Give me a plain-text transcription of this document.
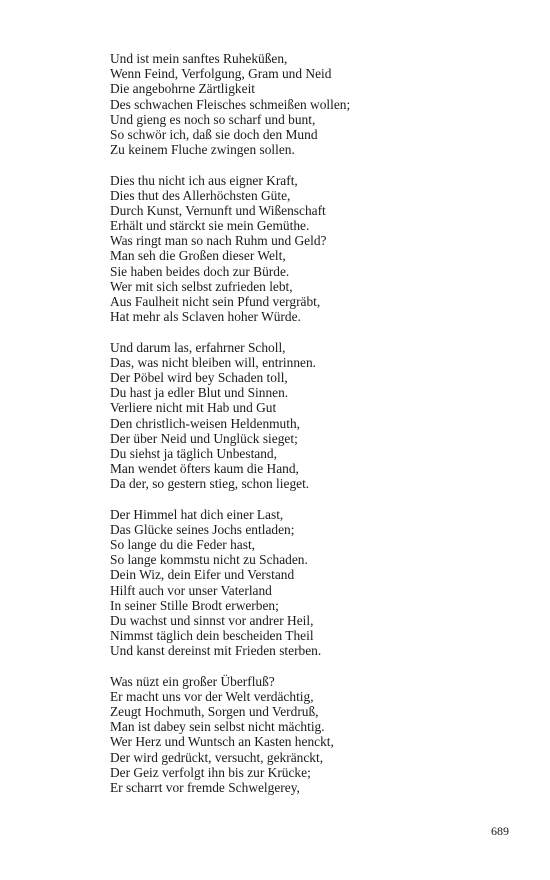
Und ist mein sanftes Ruheküßen,
Wenn Feind, Verfolgung, Gram und Neid
Die angebohrne Zärtligkeit
Des schwachen Fleisches schmeißen wollen;
Und gieng es noch so scharf und bunt,
So schwör ich, daß sie doch den Mund
Zu keinem Fluche zwingen sollen.
Dies thu nicht ich aus eigner Kraft,
Dies thut des Allerhöchsten Güte,
Durch Kunst, Vernunft und Wißenschaft
Erhält und stärckt sie mein Gemüthe.
Was ringt man so nach Ruhm und Geld?
Man seh die Großen dieser Welt,
Sie haben beides doch zur Bürde.
Wer mit sich selbst zufrieden lebt,
Aus Faulheit nicht sein Pfund vergräbt,
Hat mehr als Sclaven hoher Würde.
Und darum las, erfahrner Scholl,
Das, was nicht bleiben will, entrinnen.
Der Pöbel wird bey Schaden toll,
Du hast ja edler Blut und Sinnen.
Verliere nicht mit Hab und Gut
Den christlich-weisen Heldenmuth,
Der über Neid und Unglück sieget;
Du siehst ja täglich Unbestand,
Man wendet öfters kaum die Hand,
Da der, so gestern stieg, schon lieget.
Der Himmel hat dich einer Last,
Das Glücke seines Jochs entladen;
So lange du die Feder hast,
So lange kommstu nicht zu Schaden.
Dein Wiz, dein Eifer und Verstand
Hilft auch vor unser Vaterland
In seiner Stille Brodt erwerben;
Du wachst und sinnst vor andrer Heil,
Nimmst täglich dein bescheiden Theil
Und kanst dereinst mit Frieden sterben.
Was nüzt ein großer Überfluß?
Er macht uns vor der Welt verdächtig,
Zeugt Hochmuth, Sorgen und Verdruß,
Man ist dabey sein selbst nicht mächtig.
Wer Herz und Wuntsch an Kasten henckt,
Der wird gedrückt, versucht, gekränckt,
Der Geiz verfolgt ihn bis zur Krücke;
Er scharrt vor fremde Schwelgerey,
689
